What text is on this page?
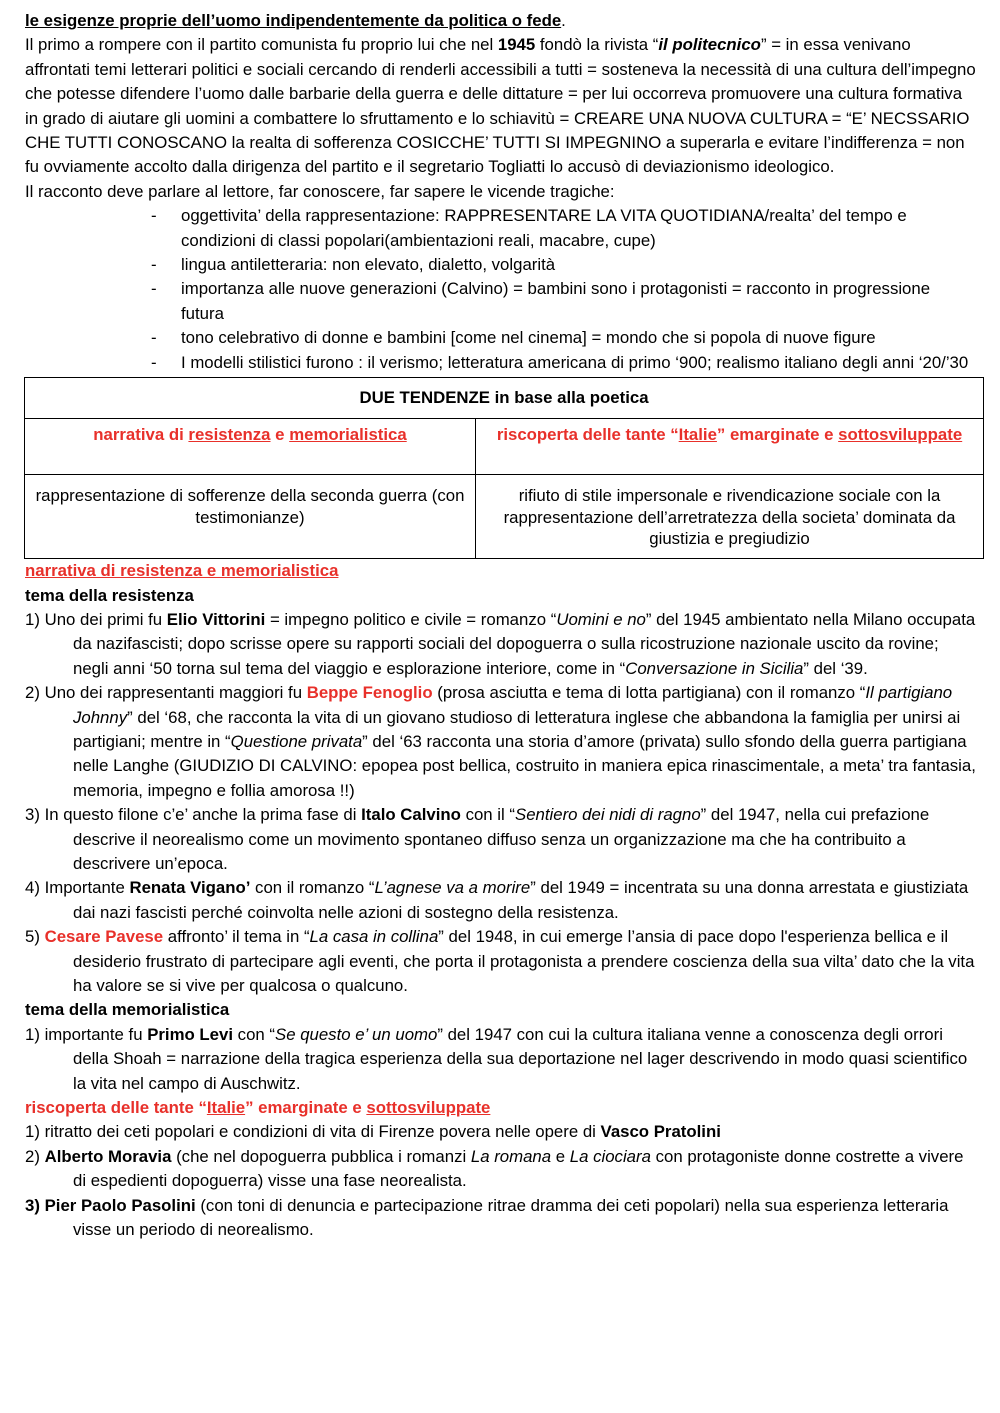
le esigenze proprie dell’uomo indipendentemente da politica o fede.

Il primo a rompere con il partito comunista fu proprio lui che nel 1945 fondò la rivista “il politecnico” = in essa venivano affrontati temi letterari politici e sociali cercando di renderli accessibili a tutti = sosteneva la necessità di una cultura dell’impegno che potesse difendere l’uomo dalle barbarie della guerra e delle dittature = per lui occorreva promuovere una cultura formativa in grado di aiutare gli uomini a combattere lo sfruttamento e lo schiavitù = CREARE UNA NUOVA CULTURA = “E’ NECSSARIO CHE TUTTI CONOSCANO la realta di sofferenza COSICCHE’ TUTTI SI IMPEGNINO a superarla e evitare l’indifferenza = non fu ovviamente accolto dalla dirigenza del partito e il segretario Togliatti lo accusò di deviazionismo ideologico.

Il racconto deve parlare al lettore, far conoscere, far sapere le vicende tragiche:

- oggettivita’ della rappresentazione: RAPPRESENTARE LA VITA QUOTIDIANA/realta’ del tempo e condizioni di classi popolari(ambientazioni reali, macabre, cupe)
- lingua antiletteraria: non elevato, dialetto, volgarità
- importanza alle nuove generazioni (Calvino) = bambini sono i protagonisti = racconto in progressione futura
- tono celebrativo di donne e bambini [come nel cinema] = mondo che si popola di nuove figure
- I modelli stilistici furono : il verismo; letteratura americana di primo ‘900; realismo italiano degli anni ‘20/’30
DUE TENDENZE in base alla poetica	
narrativa di resistenza e memorialistica	riscoperta delle tante “Italie” emarginate e sottosviluppate
rappresentazione di sofferenze della seconda guerra (con testimonianze)	rifiuto di stile impersonale e rivendicazione sociale con la rappresentazione dell’arretratezza della societa’ dominata da giustizia e pregiudizio

narrativa di resistenza e memorialistica

tema della resistenza

1) Uno dei primi fu Elio Vittorini = impegno politico e civile = romanzo “Uomini e no” del 1945 ambientato nella Milano occupata da nazifascisti; dopo scrisse opere su rapporti sociali del dopoguerra o sulla ricostruzione nazionale uscito da rovine; negli anni ‘50 torna sul tema del viaggio e esplorazione interiore, come in “Conversazione in Sicilia” del ‘39.

2) Uno dei rappresentanti maggiori fu Beppe Fenoglio (prosa asciutta e tema di lotta partigiana) con il romanzo “Il partigiano Johnny” del ‘68, che racconta la vita di un giovano studioso di letteratura inglese che abbandona la famiglia per unirsi ai partigiani; mentre in “Questione privata” del ‘63 racconta una storia d’amore (privata) sullo sfondo della guerra partigiana nelle Langhe (GIUDIZIO DI CALVINO: epopea post bellica, costruito in maniera epica rinascimentale, a meta’ tra fantasia, memoria, impegno e follia amorosa !!)

3) In questo filone c’e’ anche la prima fase di Italo Calvino con il “Sentiero dei nidi di ragno” del 1947, nella cui prefazione descrive il neorealismo come un movimento spontaneo diffuso senza un organizzazione ma che ha contribuito a descrivere un’epoca.

4) Importante Renata Vigano’ con il romanzo “L’agnese va a morire” del 1949 = incentrata su una donna arrestata e giustiziata dai nazi fascisti perché coinvolta nelle azioni di sostegno della resistenza.

5) Cesare Pavese affronto’ il tema in “La casa in collina” del 1948, in cui emerge l’ansia di pace dopo l'esperienza bellica e il desiderio frustrato di partecipare agli eventi, che porta il protagonista a prendere coscienza della sua vilta’ dato che la vita ha valore se si vive per qualcosa o qualcuno.

tema della memorialistica

1) importante fu Primo Levi con “Se questo e’ un uomo” del 1947 con cui la cultura italiana venne a conoscenza degli orrori della Shoah = narrazione della tragica esperienza della sua deportazione nel lager descrivendo in modo quasi scientifico la vita nel campo di Auschwitz.

riscoperta delle tante “Italie” emarginate e sottosviluppate

1) ritratto dei ceti popolari e condizioni di vita di Firenze povera nelle opere di Vasco Pratolini

2) Alberto Moravia (che nel dopoguerra pubblica i romanzi La romana e La ciociara con protagoniste donne costrette a vivere di espedienti dopoguerra) visse una fase neorealista.

3) Pier Paolo Pasolini (con toni di denuncia e partecipazione ritrae dramma dei ceti popolari) nella sua esperienza letteraria visse un periodo di neorealismo.
